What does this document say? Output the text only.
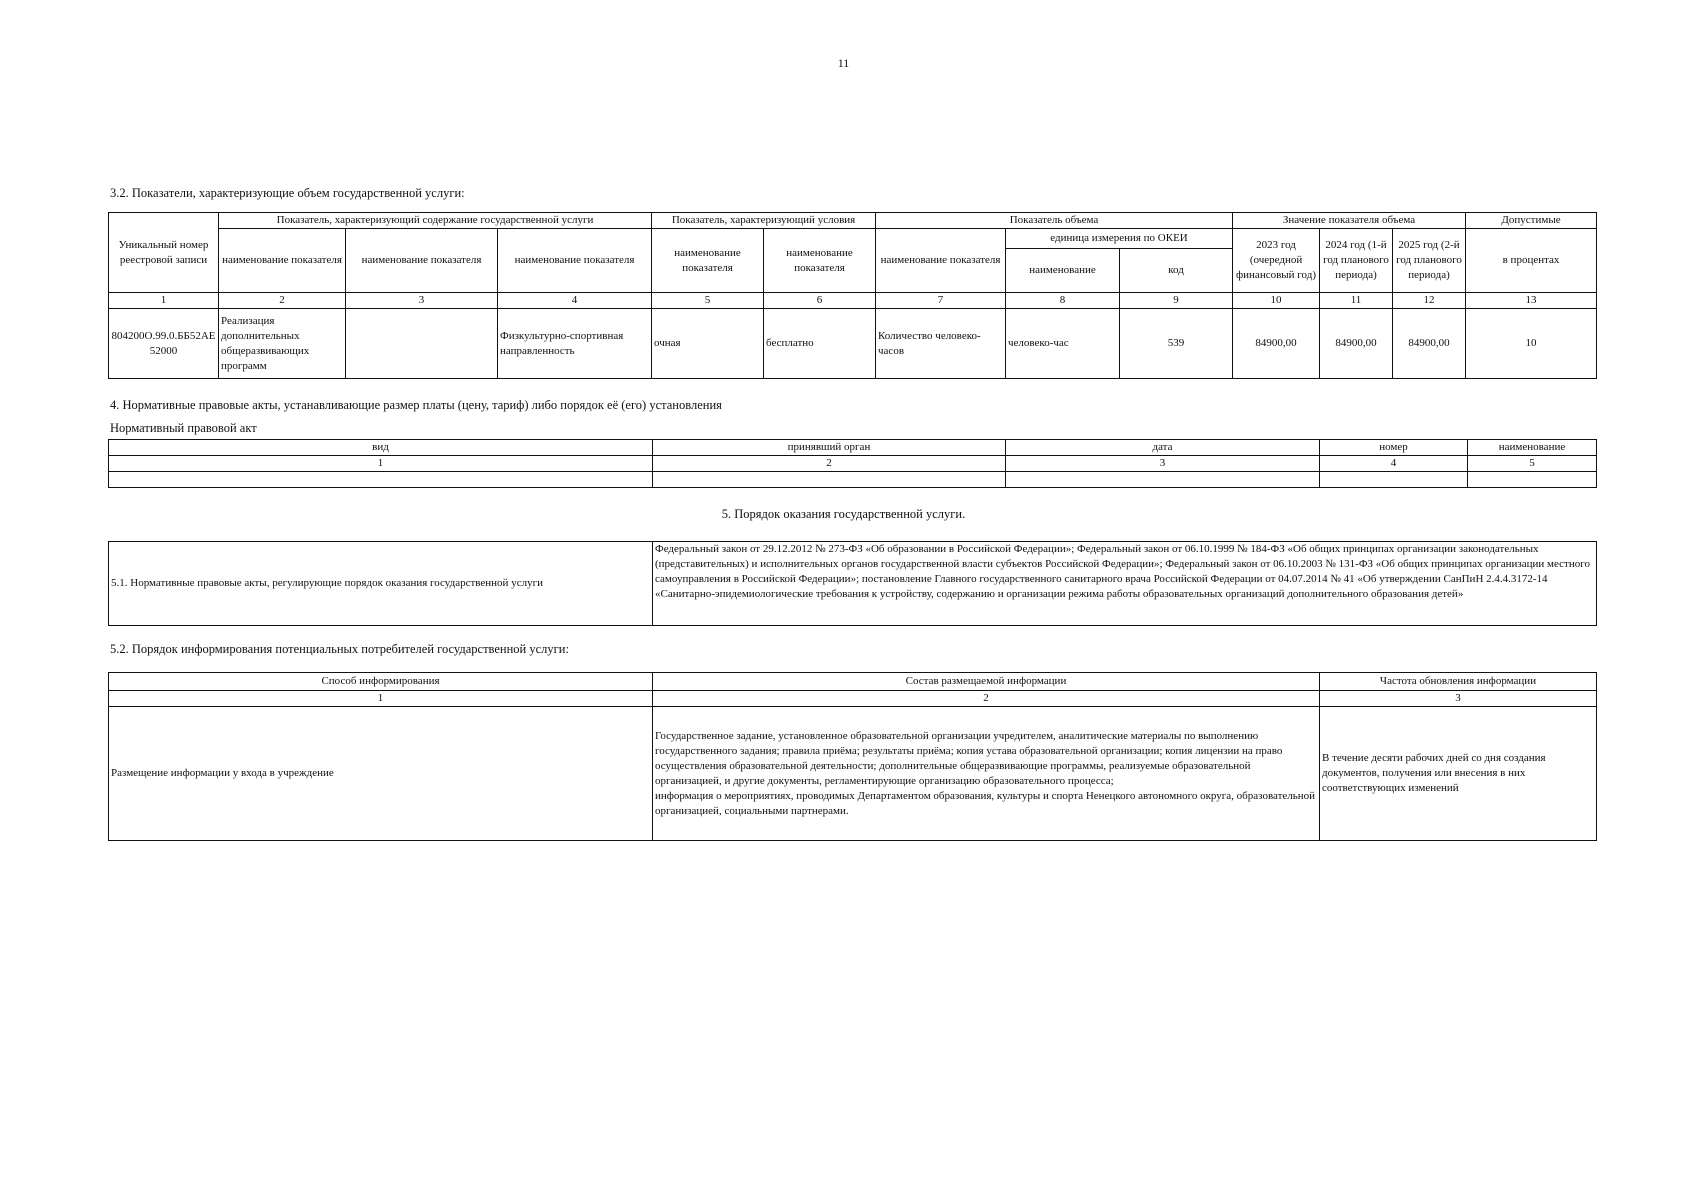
11
3.2. Показатели, характеризующие объем государственной услуги:
Уникальный номер реестровой записи	Показатель, характеризующий содержание государственной услуги			Показатель, характеризующий условия		Показатель объема			Значение показателя объема			Допустимые
	наименование показателя	наименование показателя	наименование показателя	наименование показателя	наименование показателя	наименование показателя	единица измерения по ОКЕИ		2023 год (очередной финансовый год)	2024 год (1-й год планового периода)	2025 год (2-й год планового периода)	в процентах
							наименование	код				
1	2	3	4	5	6	7	8	9	10	11	12	13
804200О.99.0.ББ52АЕ52000	Реализация дополнительных общеразвивающих программ		Физкультурно-спортивная направленность	очная	бесплатно	Количество человеко-часов	человеко-час	539	84900,00	84900,00	84900,00	10
4. Нормативные правовые акты, устанавливающие размер платы (цену, тариф) либо порядок её (его) установления
Нормативный правовой акт
вид	принявший орган	дата	номер	наименование
1	2	3	4	5

5. Порядок оказания государственной услуги.
5.1. Нормативные правовые акты, регулирующие порядок оказания государственной услуги	Федеральный закон от 29.12.2012 № 273-ФЗ «Об образовании в Российской Федерации»; Федеральный закон от 06.10.1999 № 184-ФЗ «Об общих принципах организации законодательных (представительных) и исполнительных органов государственной власти субъектов Российской Федерации»; Федеральный закон от 06.10.2003 № 131-ФЗ «Об общих принципах организации местного самоуправления в Российской Федерации»; постановление Главного государственного санитарного врача Российской Федерации от 04.07.2014 № 41 «Об утверждении СанПиН 2.4.4.3172-14 «Санитарно-эпидемиологические требования к устройству, содержанию и организации режима работы образовательных организаций дополнительного образования детей»
5.2. Порядок информирования потенциальных потребителей государственной услуги:
Способ информирования	Состав размещаемой информации	Частота обновления информации
1	2	3
Размещение информации у входа в учреждение	Государственное задание, установленное образовательной организации учредителем, аналитические материалы по выполнению государственного задания; правила приёма; результаты приёма; копия устава образовательной организации; копия лицензии на право осуществления образовательной деятельности; дополнительные общеразвивающие программы, реализуемые образовательной организацией, и другие документы, регламентирующие организацию образовательного процесса;
информация о мероприятиях, проводимых Департаментом образования, культуры и спорта Ненецкого автономного округа, образовательной организацией, социальными партнерами.	В течение десяти рабочих дней со дня создания документов, получения или внесения в них соответствующих изменений
